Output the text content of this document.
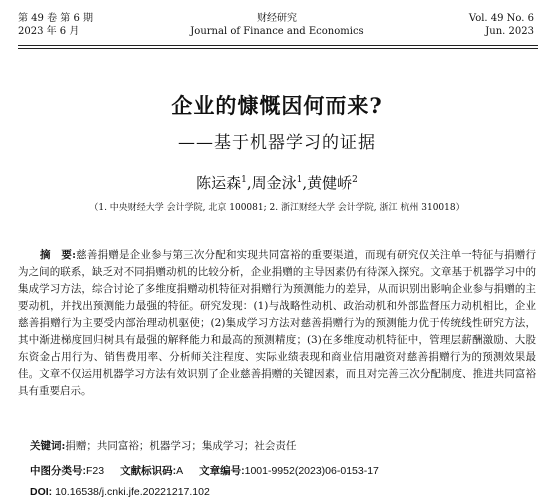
第 49 卷 第 6 期
2023 年 6 月
财经研究
Journal of Finance and Economics
Vol. 49 No. 6
Jun. 2023
企业的慷慨因何而来?
——基于机器学习的证据
陈运森$^1$,周金泳$^1$,黄健峤$^2$
（1. 中央财经大学 会计学院, 北京 100081; 2. 浙江财经大学 会计学院, 浙江 杭州 310018）
摘　要:慈善捐赠是企业参与第三次分配和实现共同富裕的重要渠道，而现有研究仅关注单一特征与捐赠行为之间的联系，缺乏对不同捐赠动机的比较分析，企业捐赠的主导因素仍有待深入探究。文章基于机器学习中的集成学习方法，综合讨论了多维度捐赠动机特征对捐赠行为预测能力的差异，从而识别出影响企业参与捐赠的主要动机，并找出预测能力最强的特征。研究发现：(1)与战略性动机、政治动机和外部监督压力动机相比，企业慈善捐赠行为主要受内部治理动机驱使；(2)集成学习方法对慈善捐赠行为的预测能力优于传统线性研究方法，其中渐进梯度回归树具有最强的解释能力和最高的预测精度；(3)在多维度动机特征中，管理层薪酬激励、大股东资金占用行为、销售费用率、分析师关注程度、实际业绩表现和商业信用融资对慈善捐赠行为的预测效果最佳。文章不仅运用机器学习方法有效识别了企业慈善捐赠的关键因素，而且对完善三次分配制度、推进共同富裕具有重要启示。
关键词:捐赠；共同富裕；机器学习；集成学习；社会责任
中图分类号:F23 文献标识码:A 文章编号:1001-9952(2023)06-0153-17
DOI: 10.16538/j.cnki.jfe.20221217.102
